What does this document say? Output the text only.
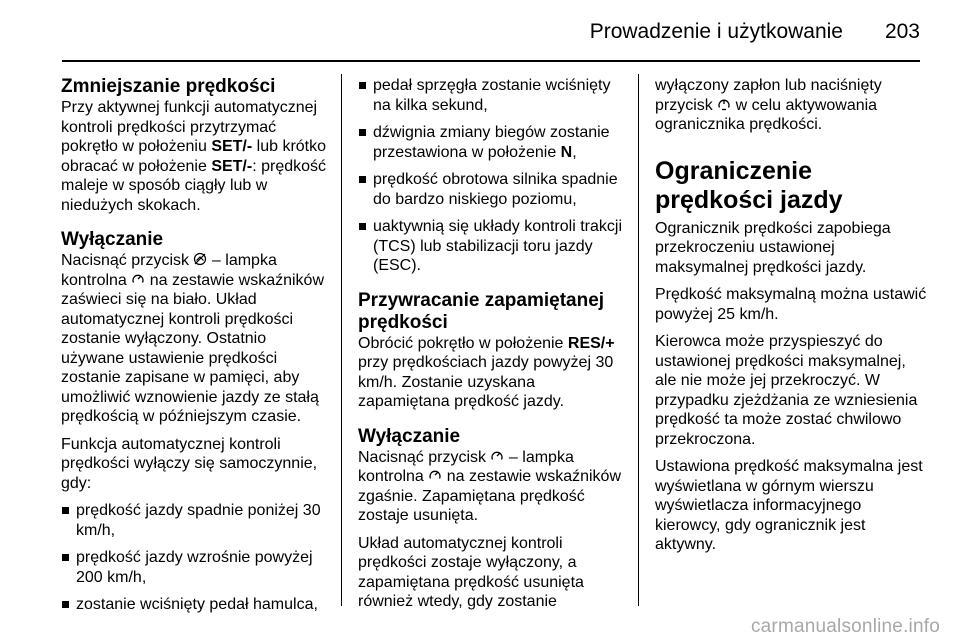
Prowadzenie i użytkowanie 203
Zmniejszanie prędkości

Przy aktywnej funkcji automatycznej kontroli prędkości przytrzymać pokrętło w położeniu SET/- lub krótko obracać w położenie SET/-: prędkość maleje w sposób ciągły lub w niedużych skokach.

Wyłączanie

Nacisnąć przycisk  – lampka kontrolna  na zestawie wskaźników zaświeci się na biało. Układ automatycznej kontroli prędkości zostanie wyłączony. Ostatnio używane ustawienie prędkości zostanie zapisane w pamięci, aby umożliwić wznowienie jazdy ze stałą prędkością w późniejszym czasie.

Funkcja automatycznej kontroli prędkości wyłączy się samoczynnie, gdy:

prędkość jazdy spadnie poniżej 30 km/h,
prędkość jazdy wzrośnie powyżej 200 km/h,
zostanie wciśnięty pedał hamulca,
pedał sprzęgła zostanie wciśnięty na kilka sekund,
dźwignia zmiany biegów zostanie przestawiona w położenie N,
prędkość obrotowa silnika spadnie do bardzo niskiego poziomu,
uaktywnią się układy kontroli trakcji (TCS) lub stabilizacji toru jazdy (ESC).
Przywracanie zapamiętanej prędkości

Obrócić pokrętło w położenie RES/+ przy prędkościach jazdy powyżej 30 km/h. Zostanie uzyskana zapamiętana prędkość jazdy.

Wyłączanie

Nacisnąć przycisk  – lampka kontrolna  na zestawie wskaźników zgaśnie. Zapamiętana prędkość zostaje usunięta.

Układ automatycznej kontroli prędkości zostaje wyłączony, a zapamiętana prędkość usunięta również wtedy, gdy zostanie

wyłączony zapłon lub naciśnięty przycisk  w celu aktywowania ogranicznika prędkości.

Ograniczenie prędkości jazdy

Ogranicznik prędkości zapobiega przekroczeniu ustawionej maksymalnej prędkości jazdy.

Prędkość maksymalną można ustawić powyżej 25 km/h.

Kierowca może przyspieszyć do ustawionej prędkości maksymalnej, ale nie może jej przekroczyć. W przypadku zjeżdżania ze wzniesienia prędkość ta może zostać chwilowo przekroczona.

Ustawiona prędkość maksymalna jest wyświetlana w górnym wierszu wyświetlacza informacyjnego kierowcy, gdy ogranicznik jest aktywny.

carmanualsonline.info
